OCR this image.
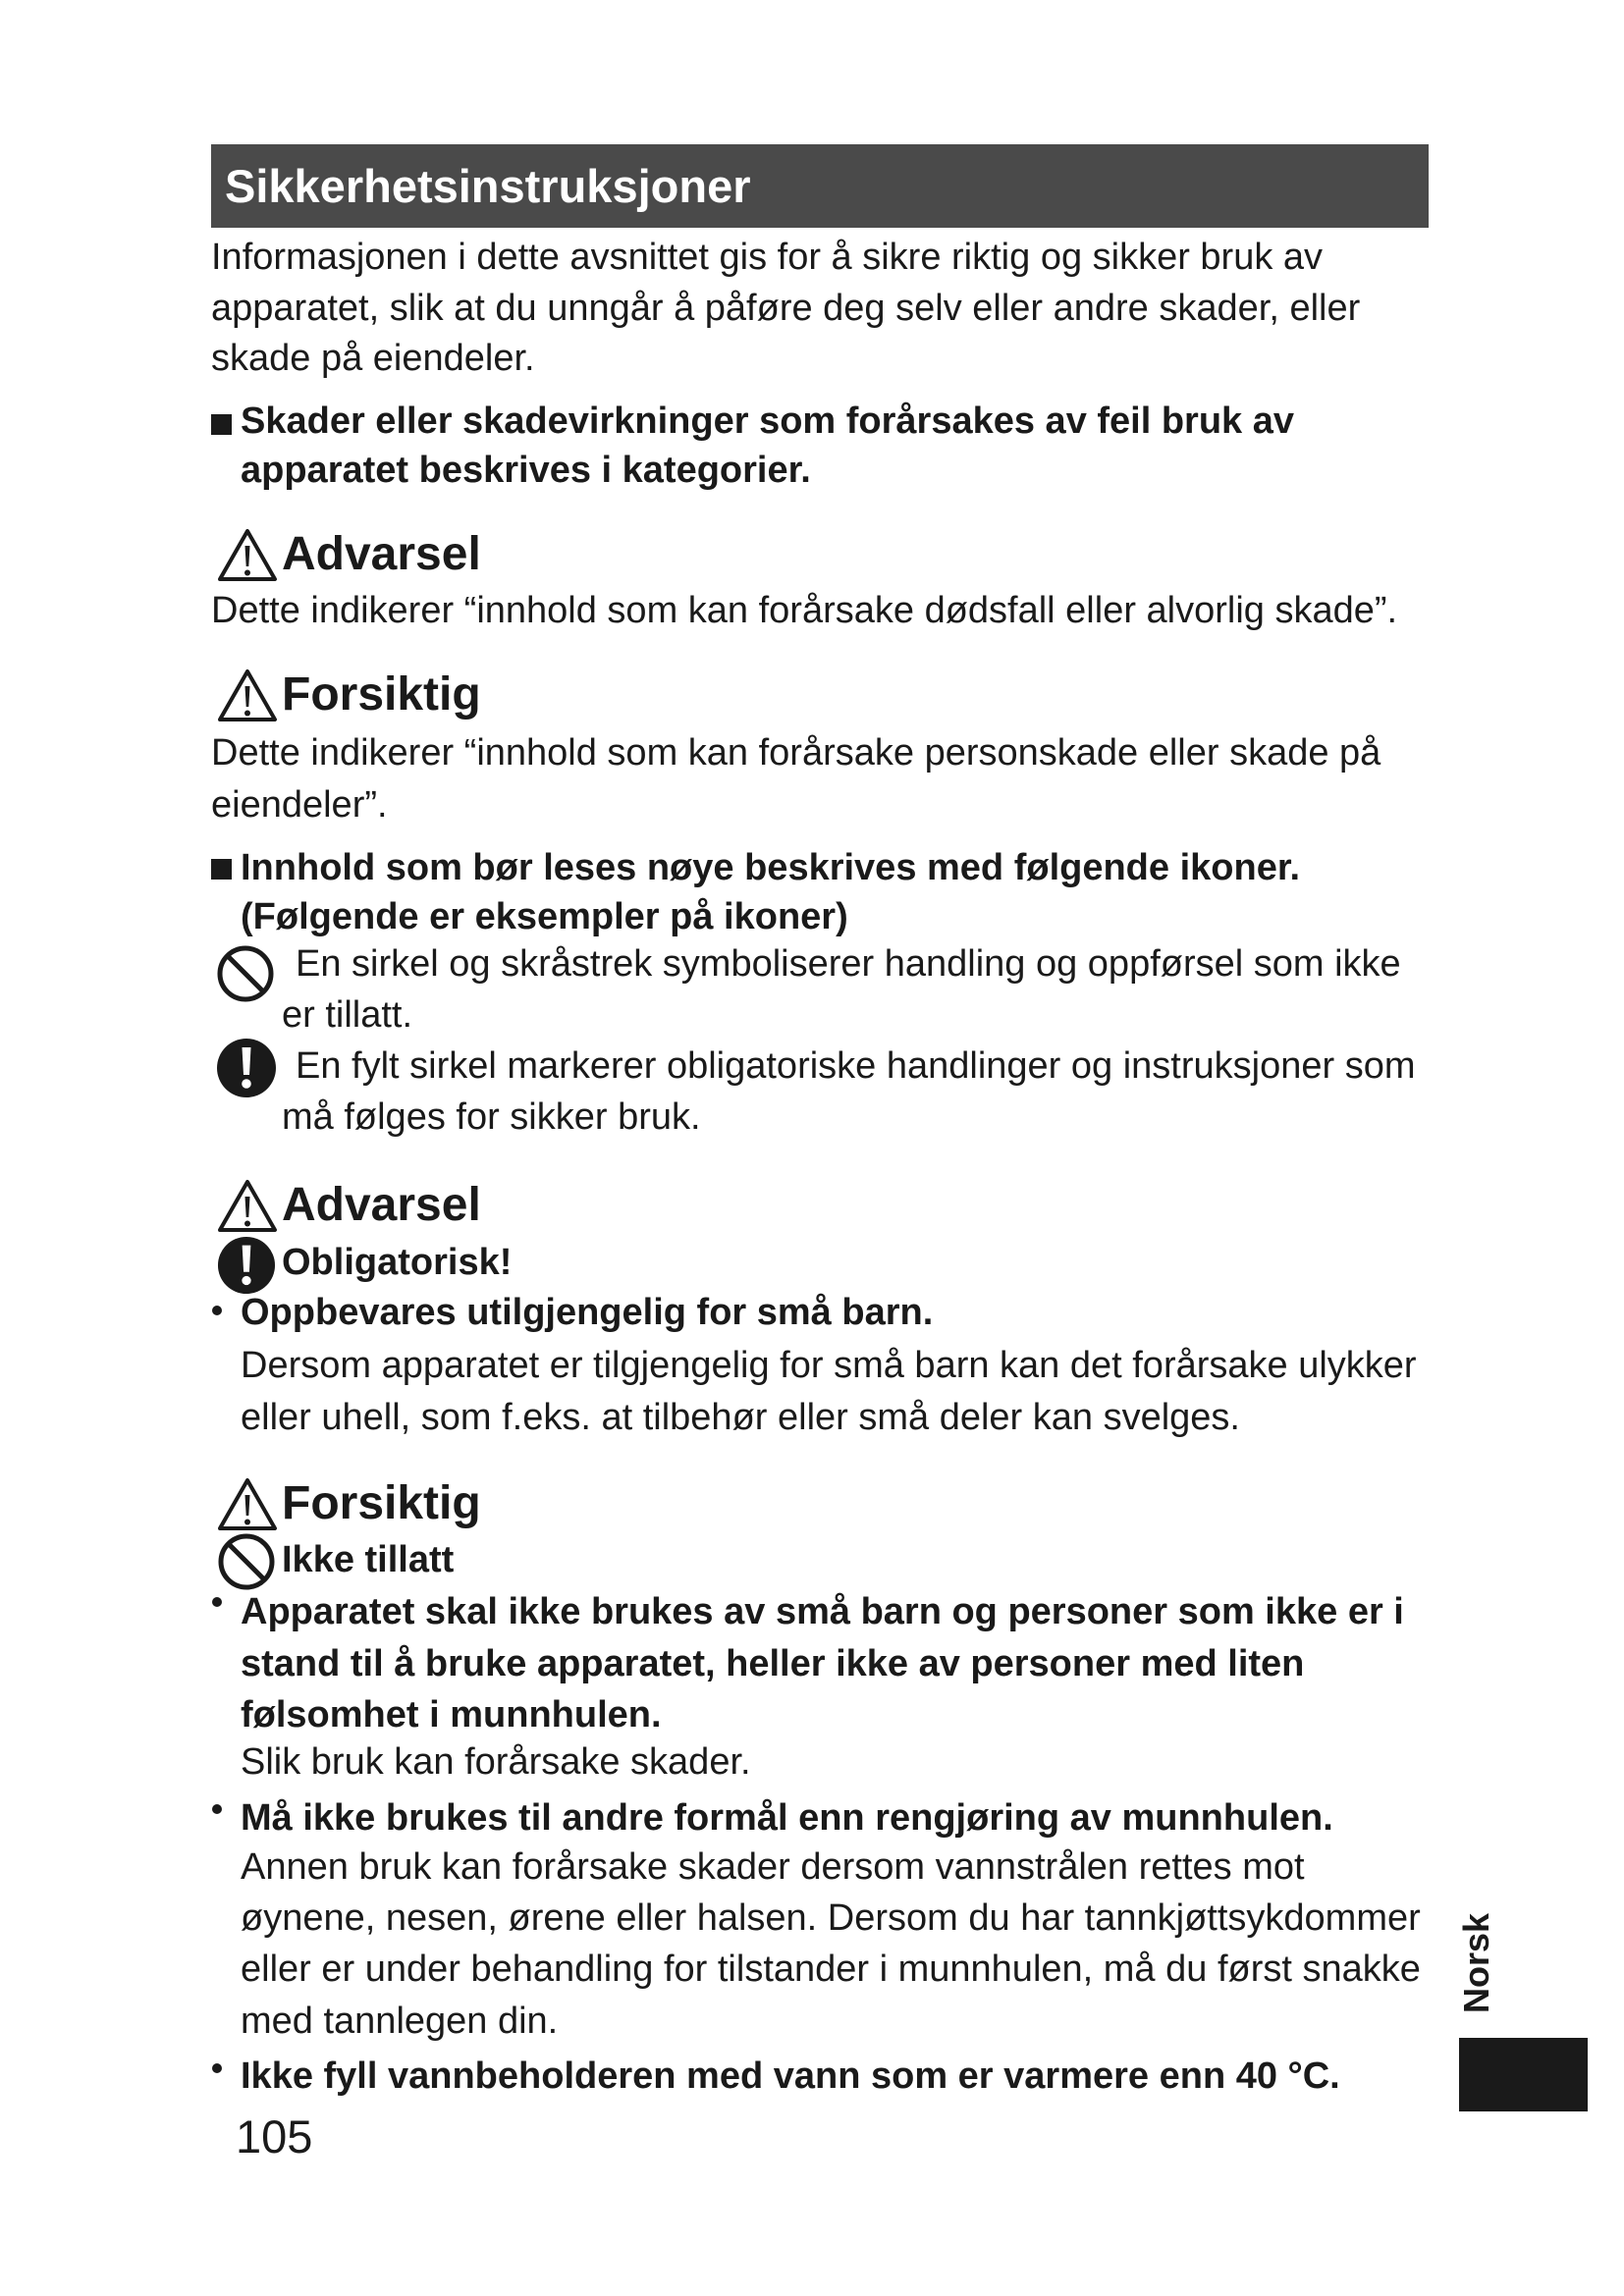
Sikkerhetsinstruksjoner
Informasjonen i dette avsnittet gis for å sikre riktig og sikker bruk av
apparatet, slik at du unngår å påføre deg selv eller andre skader, eller
skade på eiendeler.
Skader eller skadevirkninger som forårsakes av feil bruk av
apparatet beskrives i kategorier.
Advarsel
Dette indikerer “innhold som kan forårsake dødsfall eller alvorlig skade”.
Forsiktig
Dette indikerer “innhold som kan forårsake personskade eller skade på
eiendeler”.
Innhold som bør leses nøye beskrives med følgende ikoner.
(Følgende er eksempler på ikoner)
En sirkel og skråstrek symboliserer handling og oppførsel som ikke
er tillatt.
En fylt sirkel markerer obligatoriske handlinger og instruksjoner som
må følges for sikker bruk.
Advarsel
Obligatorisk!
Oppbevares utilgjengelig for små barn.
Dersom apparatet er tilgjengelig for små barn kan det forårsake ulykker
eller uhell, som f.eks. at tilbehør eller små deler kan svelges.
Forsiktig
Ikke tillatt
Apparatet skal ikke brukes av små barn og personer som ikke er i
stand til å bruke apparatet, heller ikke av personer med liten
følsomhet i munnhulen.
Slik bruk kan forårsake skader.
Må ikke brukes til andre formål enn rengjøring av munnhulen.
Annen bruk kan forårsake skader dersom vannstrålen rettes mot
øynene, nesen, ørene eller halsen. Dersom du har tannkjøttsykdommer
eller er under behandling for tilstander i munnhulen, må du først snakke
med tannlegen din.
Ikke fyll vannbeholderen med vann som er varmere enn 40 °C.
105
Norsk
